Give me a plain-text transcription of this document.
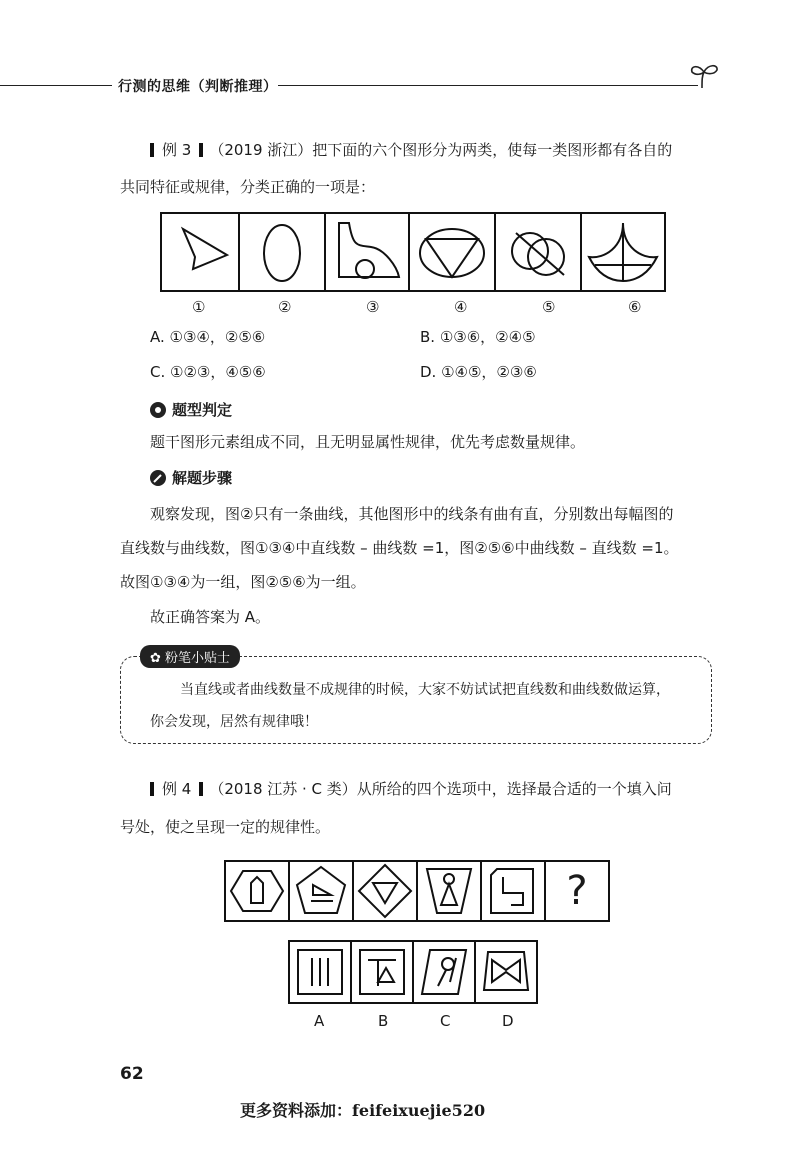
行测的思维（判断推理）
例 3 （2019 浙江）把下面的六个图形分为两类，使每一类图形都有各自的
共同特征或规律，分类正确的一项是：
①	②	③	④	⑤	⑥
A. ①③④，②⑤⑥	B. ①③⑥，②④⑤
C. ①②③，④⑤⑥	D. ①④⑤，②③⑥
题型判定
题干图形元素组成不同，且无明显属性规律，优先考虑数量规律。
解题步骤
观察发现，图②只有一条曲线，其他图形中的线条有曲有直，分别数出每幅图的
直线数与曲线数，图①③④中直线数 – 曲线数 =1，图②⑤⑥中曲线数 – 直线数 =1。
故图①③④为一组，图②⑤⑥为一组。
故正确答案为 A。
✿ 粉笔小贴士
当直线或者曲线数量不成规律的时候，大家不妨试试把直线数和曲线数做运算，
你会发现，居然有规律哦！
例 4 （2018 江苏 · C 类）从所给的四个选项中，选择最合适的一个填入问
号处，使之呈现一定的规律性。
?
A	B	C	D
62
更多资料添加：feifeixuejie520
